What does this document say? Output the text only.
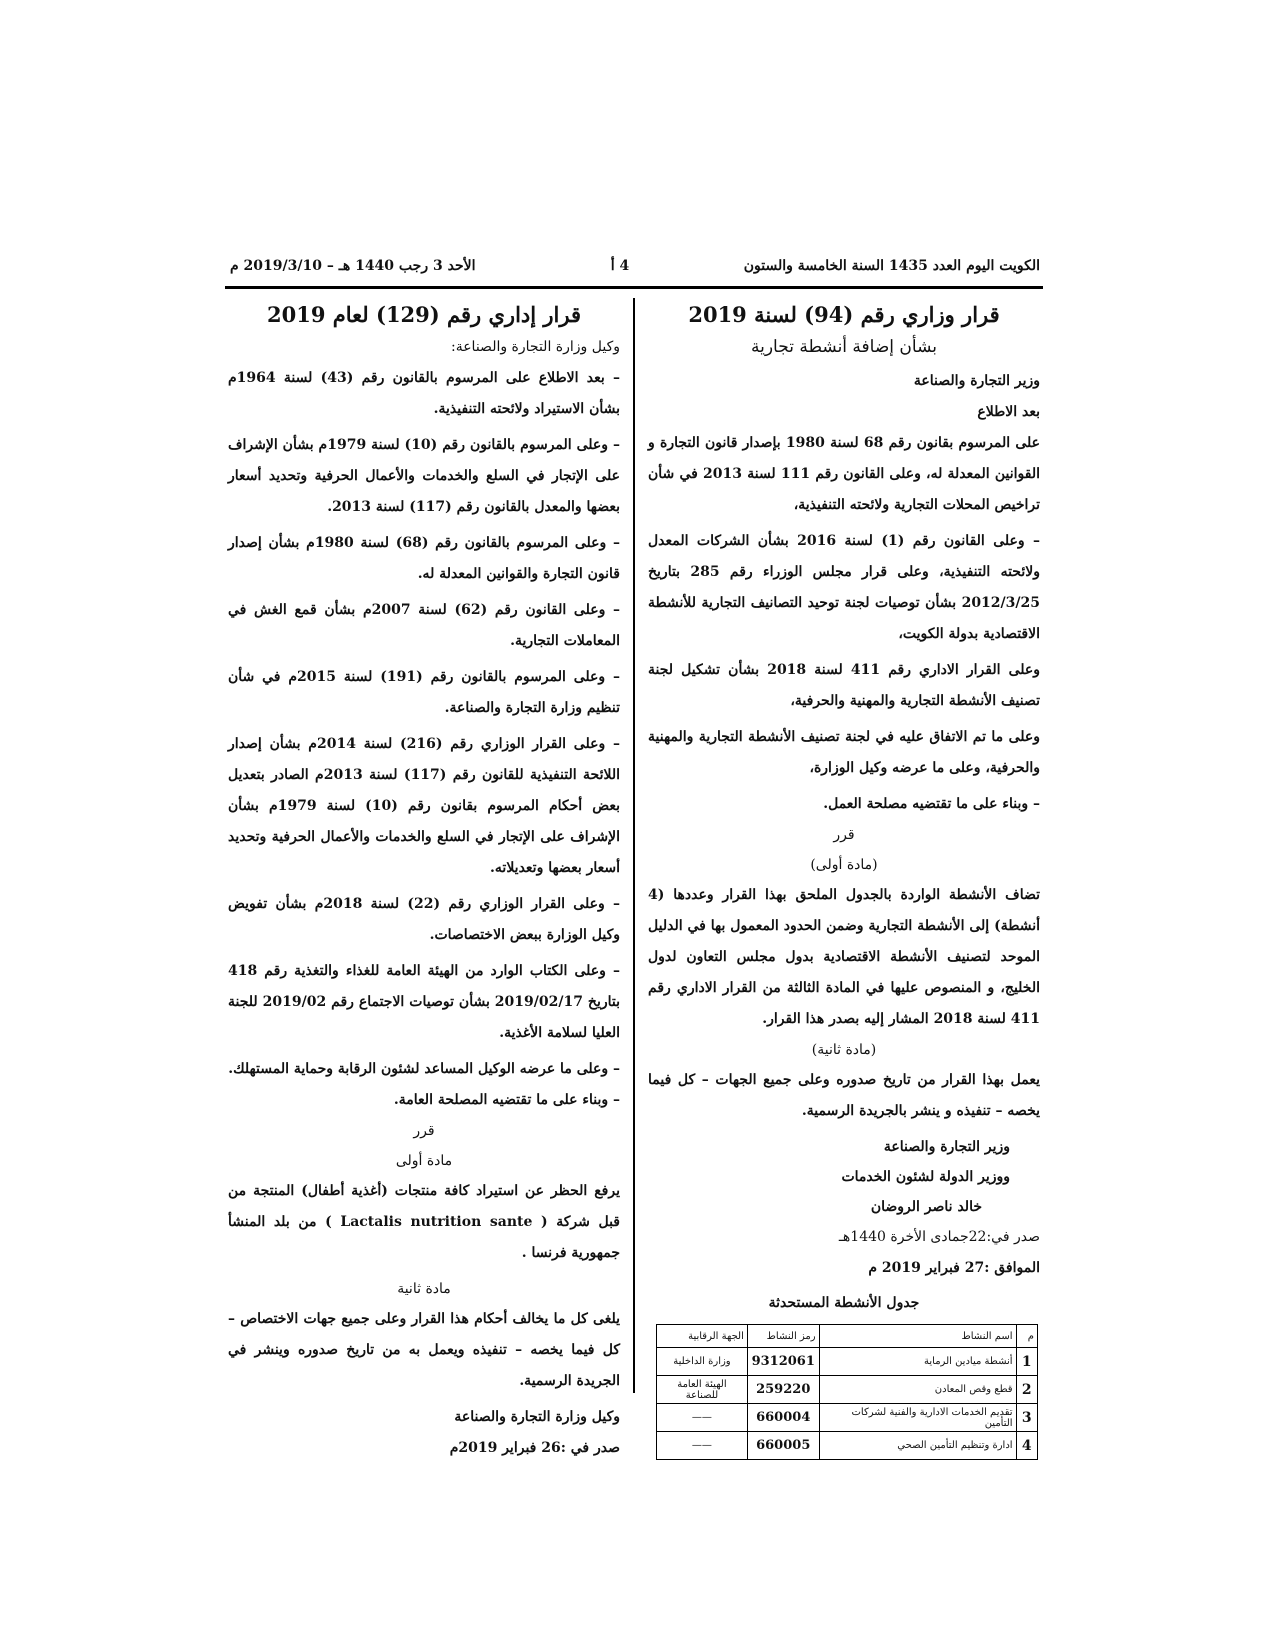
الكويت اليوم العدد 1435 السنة الخامسة والستون
4 أ
الأحد 3 رجب 1440 هـ – 2019/3/10 م
قرار وزاري رقم (94) لسنة 2019
بشأن إضافة أنشطة تجارية

وزير التجارة والصناعة

بعد الاطلاع

على المرسوم بقانون رقم 68 لسنة 1980 بإصدار قانون التجارة و القوانين المعدلة له، وعلى القانون رقم 111 لسنة 2013 في شأن تراخيص المحلات التجارية ولائحته التنفيذية،

– وعلى القانون رقم (1) لسنة 2016 بشأن الشركات المعدل ولائحته التنفيذية، وعلى قرار مجلس الوزراء رقم 285 بتاريخ 2012/3/25 بشأن توصيات لجنة توحيد التصانيف التجارية للأنشطة الاقتصادية بدولة الكويت،

وعلى القرار الاداري رقم 411 لسنة 2018 بشأن تشكيل لجنة تصنيف الأنشطة التجارية والمهنية والحرفية،

وعلى ما تم الاتفاق عليه في لجنة تصنيف الأنشطة التجارية والمهنية والحرفية، وعلى ما عرضه وكيل الوزارة،

– وبناء على ما تقتضيه مصلحة العمل.

قرر
(مادة أولى)

تضاف الأنشطة الواردة بالجدول الملحق بهذا القرار وعددها (4 أنشطة) إلى الأنشطة التجارية وضمن الحدود المعمول بها في الدليل الموحد لتصنيف الأنشطة الاقتصادية بدول مجلس التعاون لدول الخليج، و المنصوص عليها في المادة الثالثة من القرار الاداري رقم 411 لسنة 2018 المشار إليه بصدر هذا القرار.

(مادة ثانية)

يعمل بهذا القرار من تاريخ صدوره وعلى جميع الجهات – كل فيما يخصه – تنفيذه و ينشر بالجريدة الرسمية.

وزير التجارة والصناعة
ووزير الدولة لشئون الخدمات
خالد ناصر الروضان

صدر في:22جمادى الأخرة 1440هـ

الموافق :27 فبراير 2019 م

جدول الأنشطة المستحدثة
م	اسم النشاط	رمز النشاط	الجهة الرقابية
1	أنشطة ميادين الرماية	9312061	وزارة الداخلية
2	قطع وقص المعادن	259220	الهيئة العامة للصناعة
3	تقديم الخدمات الادارية والفنية لشركات التأمين	660004	——
4	ادارة وتنظيم التأمين الصحي	660005	——
قرار إداري رقم (129) لعام 2019

وكيل وزارة التجارة والصناعة:

– بعد الاطلاع على المرسوم بالقانون رقم (43) لسنة 1964م بشأن الاستيراد ولائحته التنفيذية.

– وعلى المرسوم بالقانون رقم (10) لسنة 1979م بشأن الإشراف على الإتجار في السلع والخدمات والأعمال الحرفية وتحديد أسعار بعضها والمعدل بالقانون رقم (117) لسنة 2013.

– وعلى المرسوم بالقانون رقم (68) لسنة 1980م بشأن إصدار قانون التجارة والقوانين المعدلة له.

– وعلى القانون رقم (62) لسنة 2007م بشأن قمع الغش في المعاملات التجارية.

– وعلى المرسوم بالقانون رقم (191) لسنة 2015م في شأن تنظيم وزارة التجارة والصناعة.

– وعلى القرار الوزاري رقم (216) لسنة 2014م بشأن إصدار اللائحة التنفيذية للقانون رقم (117) لسنة 2013م الصادر بتعديل بعض أحكام المرسوم بقانون رقم (10) لسنة 1979م بشأن الإشراف على الإتجار في السلع والخدمات والأعمال الحرفية وتحديد أسعار بعضها وتعديلاته.

– وعلى القرار الوزاري رقم (22) لسنة 2018م بشأن تفويض وكيل الوزارة ببعض الاختصاصات.

– وعلى الكتاب الوارد من الهيئة العامة للغذاء والتغذية رقم 418 بتاريخ 2019/02/17 بشأن توصيات الاجتماع رقم 2019/02 للجنة العليا لسلامة الأغذية.

– وعلى ما عرضه الوكيل المساعد لشئون الرقابة وحماية المستهلك.

– وبناء على ما تقتضيه المصلحة العامة.

قرر
مادة أولى

يرفع الحظر عن استيراد كافة منتجات (أغذية أطفال) المنتجة من قبل شركة ( Lactalis nutrition sante ) من بلد المنشأ جمهورية فرنسا .

مادة ثانية

يلغى كل ما يخالف أحكام هذا القرار وعلى جميع جهات الاختصاص – كل فيما يخصه – تنفيذه ويعمل به من تاريخ صدوره وينشر في الجريدة الرسمية.

وكيل وزارة التجارة والصناعة

صدر في :26 فبراير 2019م
